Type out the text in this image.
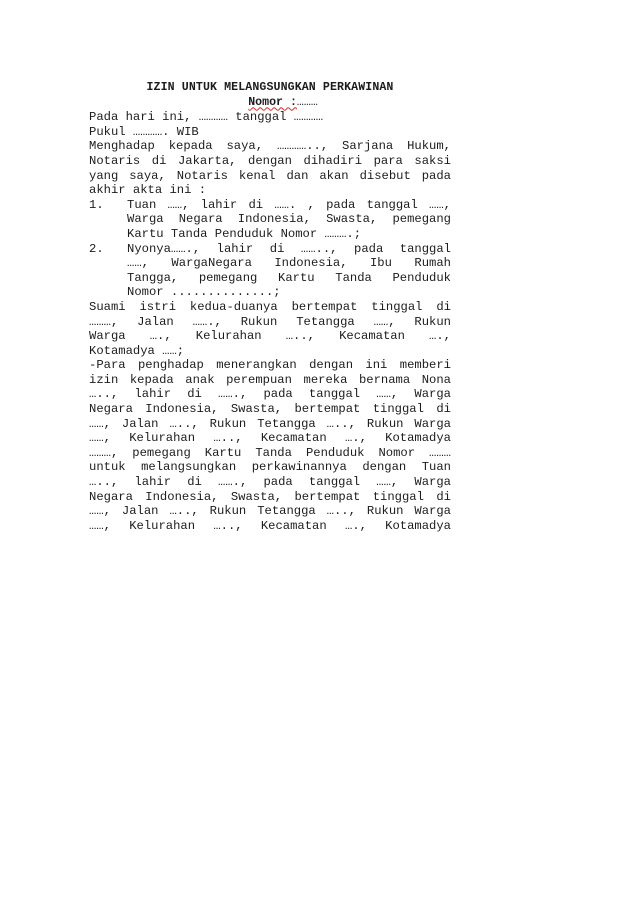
IZIN UNTUK MELANGSUNGKAN PERKAWINAN

Nomor :………

Pada hari ini, ………… tanggal …………

Pukul …………. WIB

Menghadap kepada saya, ………….., Sarjana Hukum,

Notaris di Jakarta, dengan dihadiri para saksi

yang saya, Notaris kenal dan akan disebut pada

akhir akta ini :

1.	Tuan ……, lahir di ……. , pada tanggal ……,

Warga Negara Indonesia, Swasta, pemegang

Kartu Tanda Penduduk Nomor ……….;

2.	Nyonya……., lahir di …….., pada tanggal

……, WargaNegara Indonesia, Ibu Rumah

Tangga, pemegang Kartu Tanda Penduduk

Nomor ..............;

Suami istri kedua-duanya bertempat tinggal di

………, Jalan ……., Rukun Tetangga ……, Rukun

Warga …., Kelurahan ….., Kecamatan ….,

Kotamadya ……;

-Para penghadap menerangkan dengan ini memberi

izin kepada anak perempuan mereka bernama Nona

….., lahir di ……., pada tanggal ……, Warga

Negara Indonesia, Swasta, bertempat tinggal di

……, Jalan ….., Rukun Tetangga ….., Rukun Warga

……, Kelurahan ….., Kecamatan …., Kotamadya

………, pemegang Kartu Tanda Penduduk Nomor ………

untuk melangsungkan perkawinannya dengan Tuan

….., lahir di ……., pada tanggal ……, Warga

Negara Indonesia, Swasta, bertempat tinggal di

……, Jalan ….., Rukun Tetangga ….., Rukun Warga

……, Kelurahan ….., Kecamatan …., Kotamadya
